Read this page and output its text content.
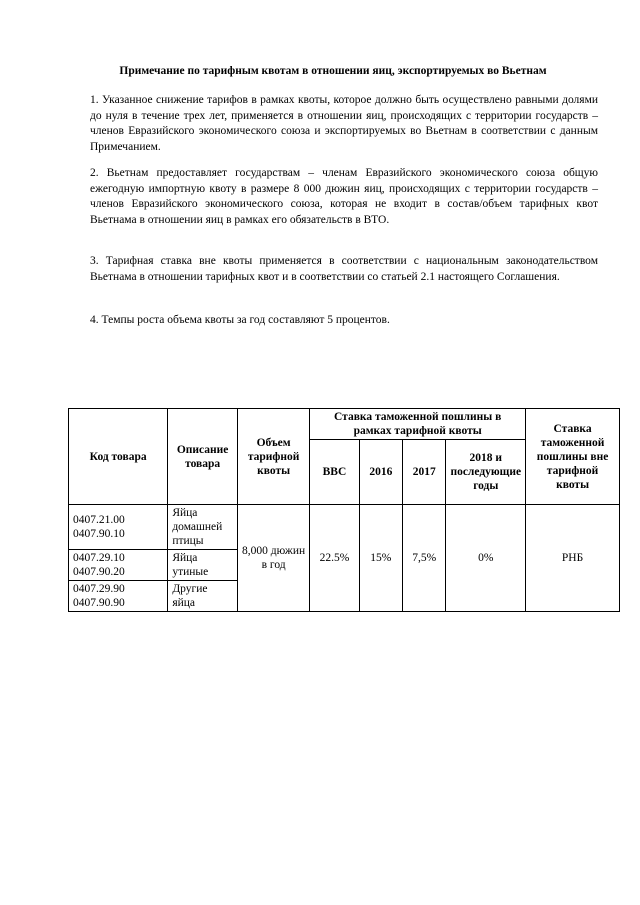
Примечание по тарифным квотам в отношении яиц, экспортируемых во Вьетнам
1. Указанное снижение тарифов в рамках квоты, которое должно быть осуществлено равными долями до нуля в течение трех лет, применяется в отношении яиц, происходящих с территории государств – членов Евразийского экономического союза и экспортируемых во Вьетнам в соответствии с данным Примечанием.
2. Вьетнам предоставляет государствам – членам Евразийского экономического союза общую ежегодную импортную квоту в размере 8 000 дюжин яиц, происходящих с территории государств – членов Евразийского экономического союза, которая не входит в состав/объем тарифных квот Вьетнама в отношении яиц в рамках его обязательств в ВТО.
3. Тарифная ставка вне квоты применяется в соответствии с национальным законодательством Вьетнама в отношении тарифных квот и в соответствии со статьей 2.1 настоящего Соглашения.
4. Темпы роста объема квоты за год составляют 5 процентов.
Код товара	Описание товара	Объем тарифной квоты	Ставка таможенной пошлины в рамках тарифной квоты				Ставка таможенной пошлины вне тарифной квоты
			ВВС	2016	2017	2018 и последующие годы	

0407.21.00
0407.90.10	Яйца домашней птицы	8,000 дюжин в год	22.5%	15%	7,5%	0%	РНБ

0407.29.10
0407.90.20	Яйца утиные						

0407.29.90
0407.90.90	Другие яйца						
